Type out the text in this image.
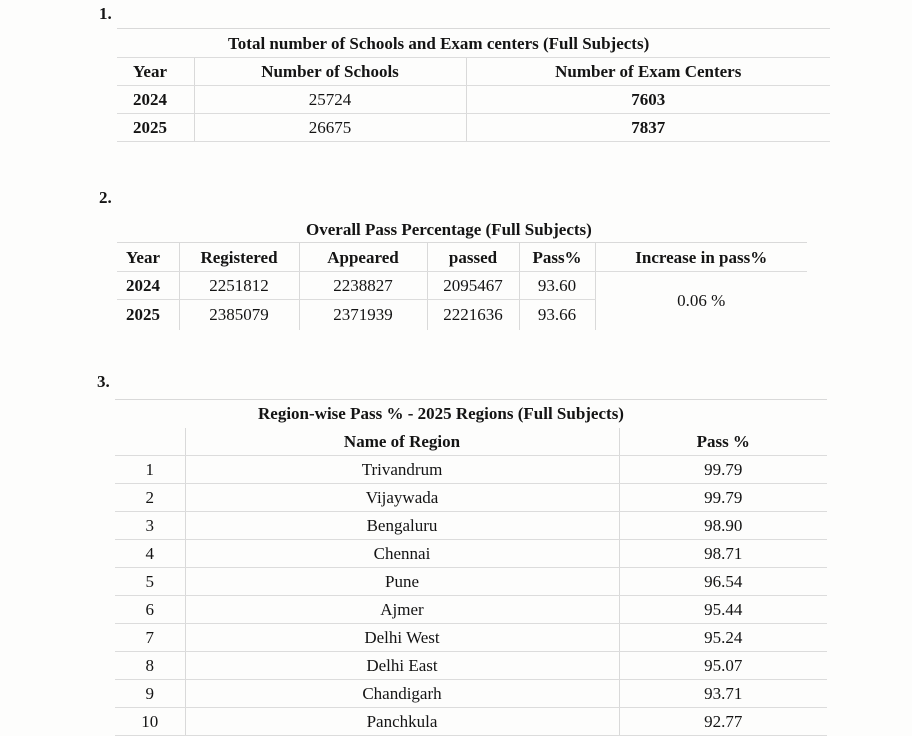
1.
Total number of Schools and Exam centers (Full Subjects)		
Year	Number of Schools	Number of Exam Centers
2024	25724	7603
2025	26675	7837
2.
Overall Pass Percentage (Full Subjects)
Year	Registered	Appeared	passed	Pass%	Increase in pass%
2024	2251812	2238827	2095467	93.60	0.06 %
2025	2385079	2371939	2221636	93.66	
3.
Region-wise Pass % - 2025 Regions (Full Subjects)		
	Name of Region	Pass %
1	Trivandrum	99.79
2	Vijaywada	99.79
3	Bengaluru	98.90
4	Chennai	98.71
5	Pune	96.54
6	Ajmer	95.44
7	Delhi West	95.24
8	Delhi East	95.07
9	Chandigarh	93.71
10	Panchkula	92.77
